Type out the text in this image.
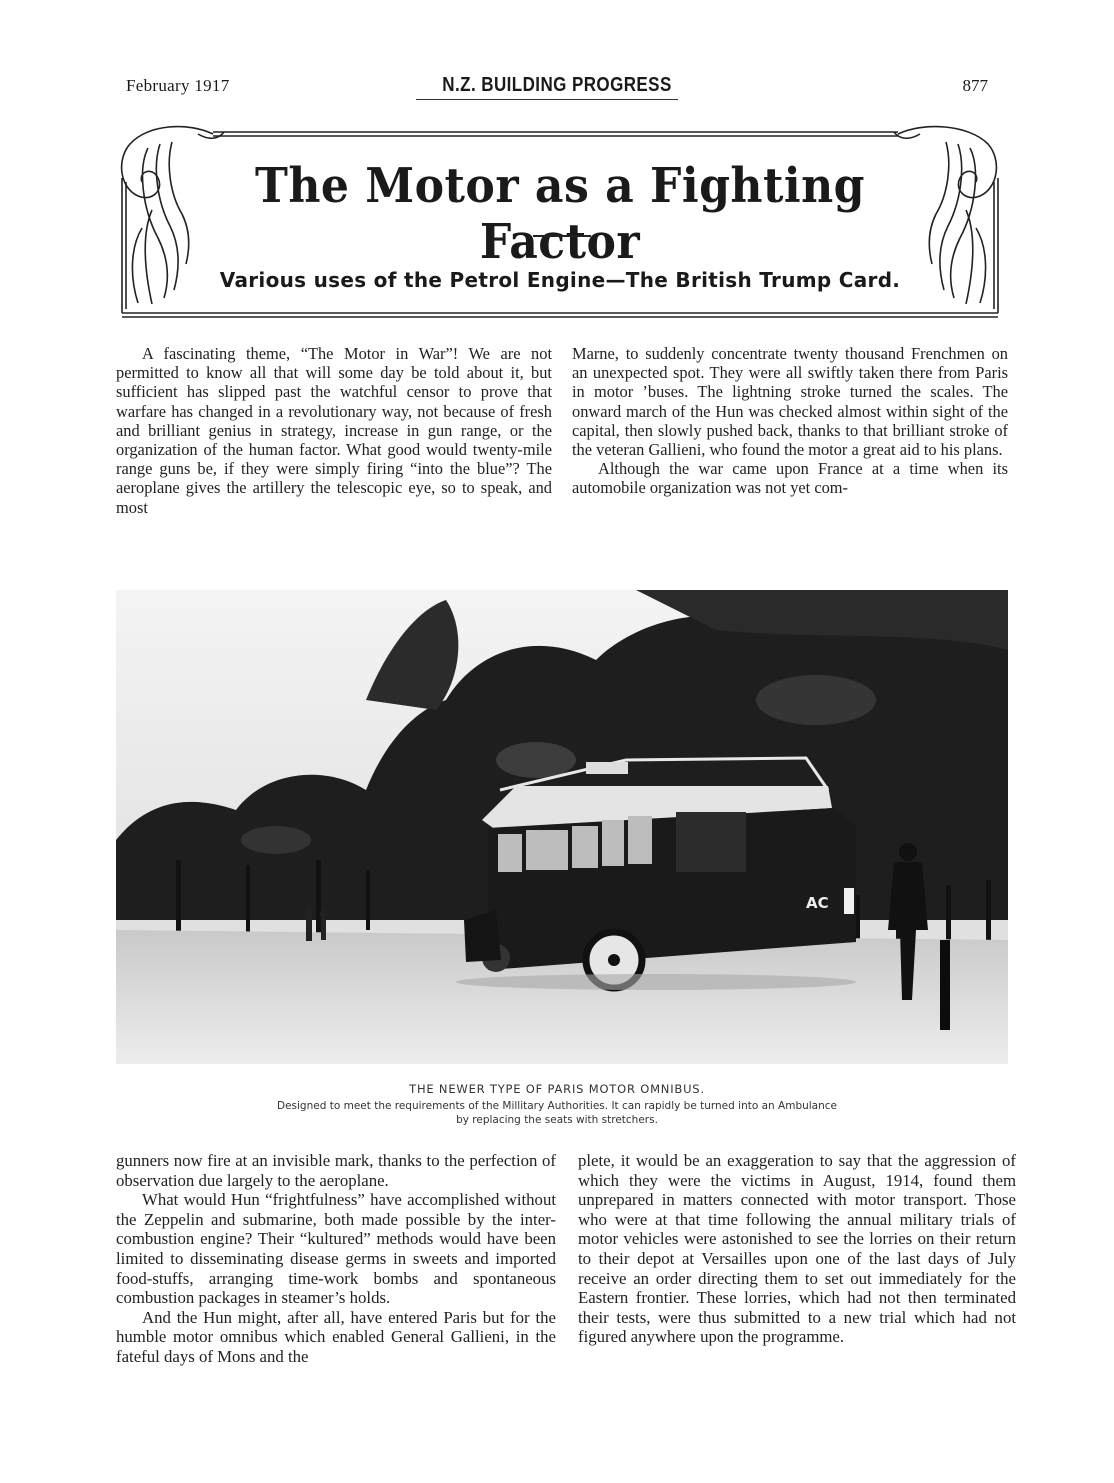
February 1917	N.Z. BUILDING PROGRESS	877
The Motor as a Fighting Factor
Various uses of the Petrol Engine—The British Trump Card.

A fascinating theme, “The Motor in War”! We are not permitted to know all that will some day be told about it, but sufficient has slipped past the watchful censor to prove that warfare has changed in a revolutionary way, not because of fresh and brilliant genius in strategy, increase in gun range, or the organization of the human factor. What good would twenty-mile range guns be, if they were simply firing “into the blue”? The aeroplane gives the artillery the telescopic eye, so to speak, and most

Marne, to suddenly concentrate twenty thousand Frenchmen on an unexpected spot. They were all swiftly taken there from Paris in motor ’buses. The lightning stroke turned the scales. The onward march of the Hun was checked almost within sight of the capital, then slowly pushed back, thanks to that brilliant stroke of the veteran Gallieni, who found the motor a great aid to his plans.

Although the war came upon France at a time when its automobile organization was not yet com-

AC
THE NEWER TYPE OF PARIS MOTOR OMNIBUS.
Designed to meet the requirements of the Millitary Authorities. It can rapidly be turned into an Ambulance
by replacing the seats with stretchers.

gunners now fire at an invisible mark, thanks to the perfection of observation due largely to the aeroplane.

What would Hun “frightfulness” have accomplished without the Zeppelin and submarine, both made possible by the inter-combustion engine? Their “kultured” methods would have been limited to disseminating disease germs in sweets and imported food-stuffs, arranging time-work bombs and spontaneous combustion packages in steamer’s holds.

And the Hun might, after all, have entered Paris but for the humble motor omnibus which enabled General Gallieni, in the fateful days of Mons and the

plete, it would be an exaggeration to say that the aggression of which they were the victims in August, 1914, found them unprepared in matters connected with motor transport. Those who were at that time following the annual military trials of motor vehicles were astonished to see the lorries on their return to their depot at Versailles upon one of the last days of July receive an order directing them to set out immediately for the Eastern frontier. These lorries, which had not then terminated their tests, were thus submitted to a new trial which had not figured anywhere upon the programme.
